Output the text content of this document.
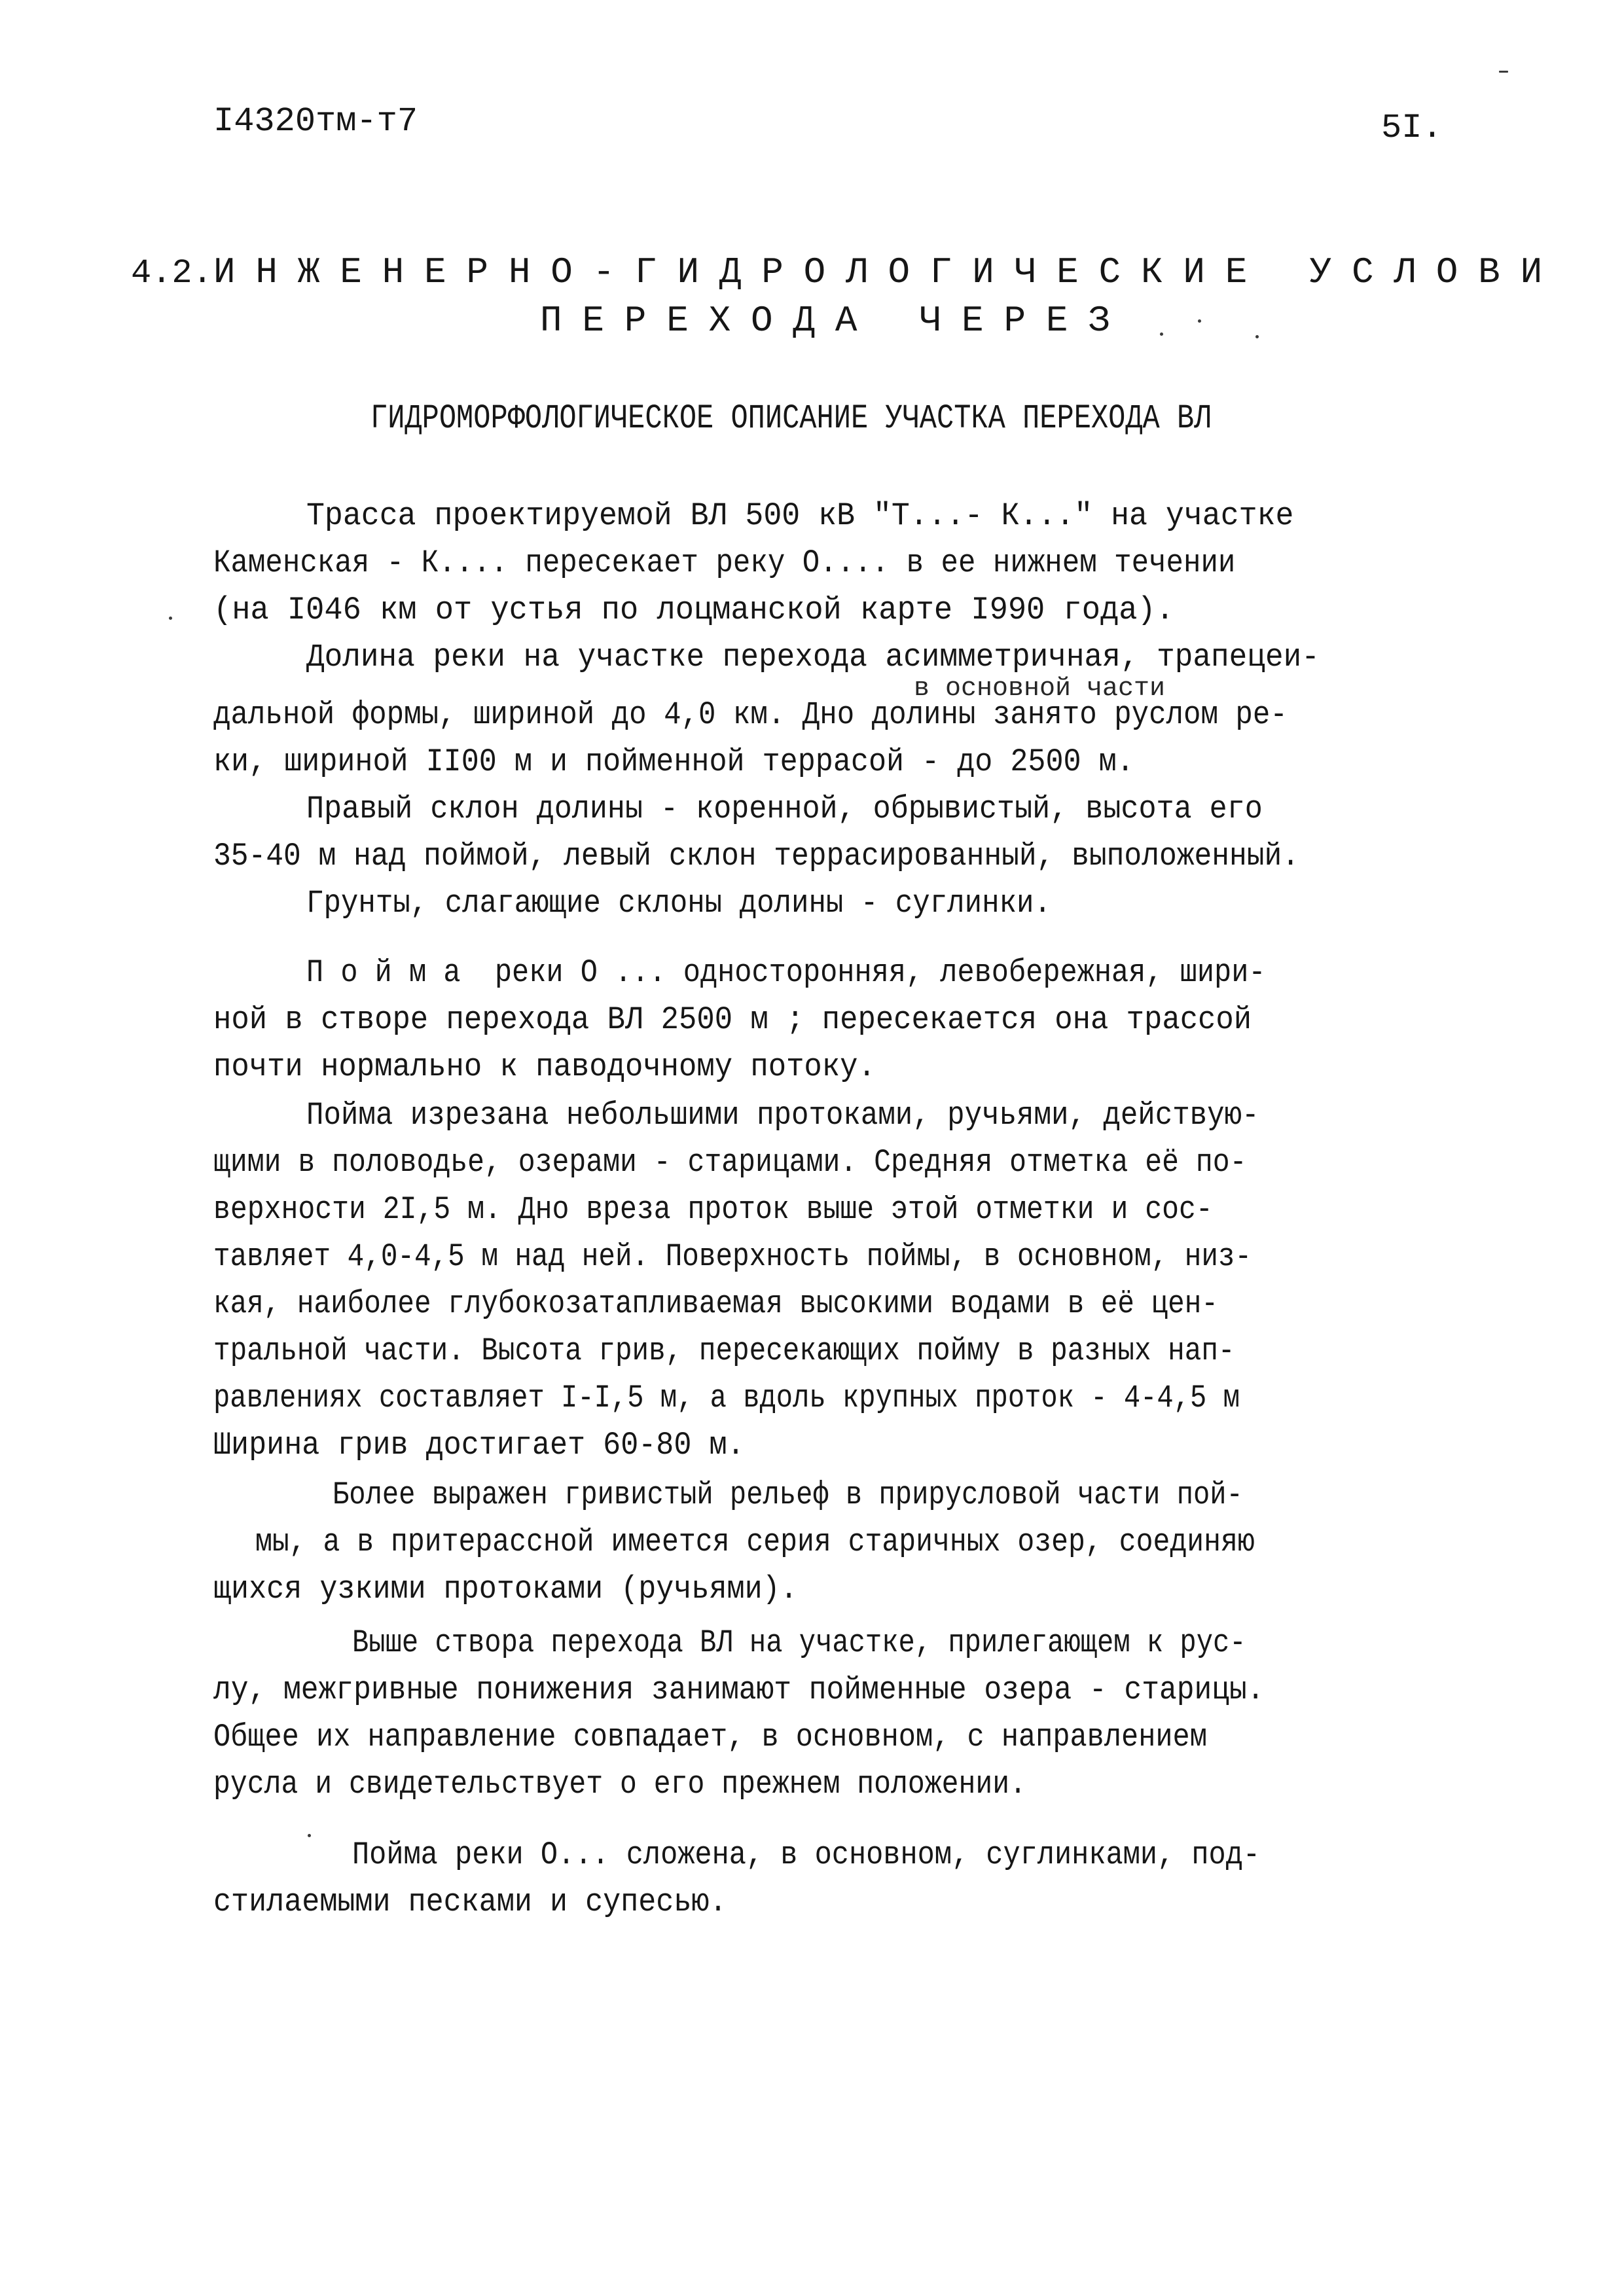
I4320тм-т7	5I.
4.2. ИНЖЕНЕРНО-ГИДРОЛОГИЧЕСКИЕ УСЛОВИ
ПЕРЕХОДА ЧЕРЕЗ
ГИДРОМОРФОЛОГИЧЕСКОЕ ОПИСАНИЕ УЧАСТКА ПЕРЕХОДА ВЛ
Трасса проектируемой ВЛ 500 кВ "Т...- К..." на участке
Каменская - К.... пересекает реку О.... в ее нижнем течении
(на I046 км от устья по лоцманской карте I990 года).
в основной части
Долина реки на участке перехода асимметричная, трапецеи-
дальной формы, шириной до 4,0 км. Дно долины занято руслом ре-
ки, шириной II00 м и пойменной террасой - до 2500 м.
Правый склон долины - коренной, обрывистый, высота его
35-40 м над поймой, левый склон террасированный, выположенный.
Грунты, слагающие склоны долины - суглинки.
П о й м а  реки О ... односторонняя, левобережная, шири-
ной в створе перехода ВЛ 2500 м ; пересекается она трассой
почти нормально к паводочному потоку.
Пойма изрезана небольшими протоками, ручьями, действую-
щими в половодье, озерами - старицами. Средняя отметка её по-
верхности 2I,5 м. Дно вреза проток выше этой отметки и сос-
тавляет 4,0-4,5 м над ней. Поверхность поймы, в основном, низ-
кая, наиболее глубокозатапливаемая высокими водами в её цен-
тральной части. Высота грив, пересекающих пойму в разных нап-
равлениях составляет I-I,5 м, а вдоль крупных проток - 4-4,5 м
Ширина грив достигает 60-80 м.
Более выражен гривистый рельеф в прирусловой части пой-
мы, а в притерассной имеется серия старичных озер, соединяю
щихся узкими протоками (ручьями).
Выше створа перехода ВЛ на участке, прилегающем к рус-
лу, межгривные понижения занимают пойменные озера - старицы.
Общее их направление совпадает, в основном, с направлением
русла и свидетельствует о его прежнем положении.
Пойма реки О... сложена, в основном, суглинками, под-
стилаемыми песками и супесью.
